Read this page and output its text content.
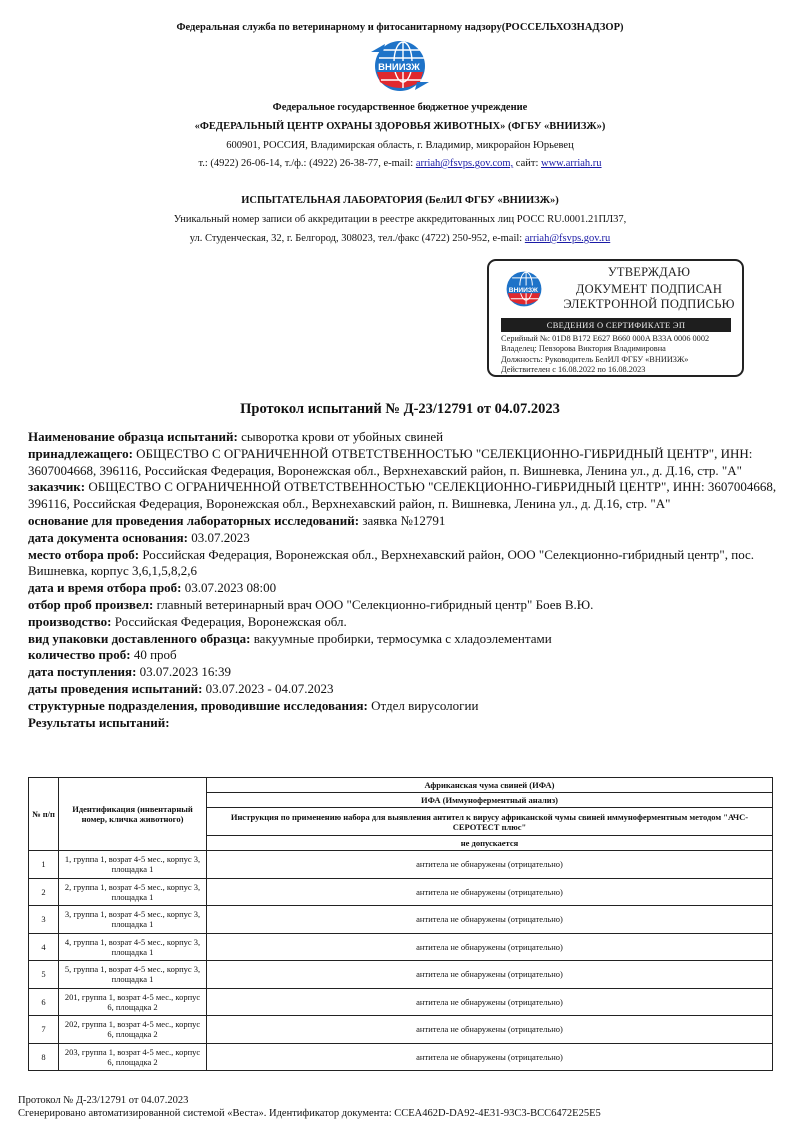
Федеральная служба по ветеринарному и фитосанитарному надзору(РОССЕЛЬХОЗНАДЗОР)
ВНИИЗЖ
Федеральное государственное бюджетное учреждение
«ФЕДЕРАЛЬНЫЙ ЦЕНТР ОХРАНЫ ЗДОРОВЬЯ ЖИВОТНЫХ» (ФГБУ «ВНИИЗЖ»)
600901, РОССИЯ, Владимирская область, г. Владимир, микрорайон Юрьевец
т.: (4922) 26-06-14, т./ф.: (4922) 26-38-77, e-mail: arriah@fsvps.gov.com, сайт: www.arriah.ru
ИСПЫТАТЕЛЬНАЯ ЛАБОРАТОРИЯ (БелИЛ ФГБУ «ВНИИЗЖ»)
Уникальный номер записи об аккредитации в реестре аккредитованных лиц РОСС RU.0001.21ПЛ37,
ул. Студенческая, 32, г. Белгород, 308023, тел./факс (4722) 250-952, e-mail: arriah@fsvps.gov.ru
ВНИИЗЖ
УТВЕРЖДАЮ
ДОКУМЕНТ ПОДПИСАН
ЭЛЕКТРОННОЙ ПОДПИСЬЮ
СВЕДЕНИЯ О СЕРТИФИКАТЕ ЭП
Серийный №: 01D8 B172 E627 B660 000A B33A 0006 0002
Владелец: Певзорова Виктория Владимировна
Должность: Руководитель БелИЛ ФГБУ «ВНИИЗЖ»
Действителен с 16.08.2022 по 16.08.2023
Протокол испытаний № Д-23/12791 от 04.07.2023
Наименование образца испытаний: сыворотка крови от убойных свиней
принадлежащего: ОБЩЕСТВО С ОГРАНИЧЕННОЙ ОТВЕТСТВЕННОСТЬЮ "СЕЛЕКЦИОННО-ГИБРИДНЫЙ ЦЕНТР", ИНН: 3607004668, 396116, Российская Федерация, Воронежская обл., Верхнехавский район, п. Вишневка, Ленина ул., д. Д.16, стр. "А"
заказчик: ОБЩЕСТВО С ОГРАНИЧЕННОЙ ОТВЕТСТВЕННОСТЬЮ "СЕЛЕКЦИОННО-ГИБРИДНЫЙ ЦЕНТР", ИНН: 3607004668, 396116, Российская Федерация, Воронежская обл., Верхнехавский район, п. Вишневка, Ленина ул., д. Д.16, стр. "А"
основание для проведения лабораторных исследований: заявка №12791
дата документа основания: 03.07.2023
место отбора проб: Российская Федерация, Воронежская обл., Верхнехавский район, ООО "Селекционно-гибридный центр", пос. Вишневка, корпус 3,6,1,5,8,2,6
дата и время отбора проб: 03.07.2023 08:00
отбор проб произвел: главный ветеринарный врач ООО "Селекционно-гибридный центр" Боев В.Ю.
производство: Российская Федерация, Воронежская обл.
вид упаковки доставленного образца: вакуумные пробирки, термосумка с хладоэлементами
количество проб: 40 проб
дата поступления: 03.07.2023 16:39
даты проведения испытаний: 03.07.2023 - 04.07.2023
структурные подразделения, проводившие исследования: Отдел вирусологии
Результаты испытаний:
№ п/п	Идентификация (инвентарный номер, кличка животного)	Африканская чума свиней (ИФА)
		ИФА (Иммуноферментный анализ)
		Инструкция по применению набора для выявления антител к вирусу африканской чумы свиней иммуноферментным методом "АЧС-СЕРОТЕСТ плюс"
		не допускается
1	1, группа 1, возрат 4-5 мес., корпус 3, площадка 1	антитела не обнаружены (отрицательно)
2	2, группа 1, возрат 4-5 мес., корпус 3, площадка 1	антитела не обнаружены (отрицательно)
3	3, группа 1, возрат 4-5 мес., корпус 3, площадка 1	антитела не обнаружены (отрицательно)
4	4, группа 1, возрат 4-5 мес., корпус 3, площадка 1	антитела не обнаружены (отрицательно)
5	5, группа 1, возрат 4-5 мес., корпус 3, площадка 1	антитела не обнаружены (отрицательно)
6	201, группа 1, возрат 4-5 мес., корпус 6, площадка 2	антитела не обнаружены (отрицательно)
7	202, группа 1, возрат 4-5 мес., корпус 6, площадка 2	антитела не обнаружены (отрицательно)
8	203, группа 1, возрат 4-5 мес., корпус 6, площадка 2	антитела не обнаружены (отрицательно)
Протокол № Д-23/12791 от 04.07.2023
Сгенерировано автоматизированной системой «Веста». Идентификатор документа: CCEA462D-DA92-4E31-93C3-BCC6472E25E5
